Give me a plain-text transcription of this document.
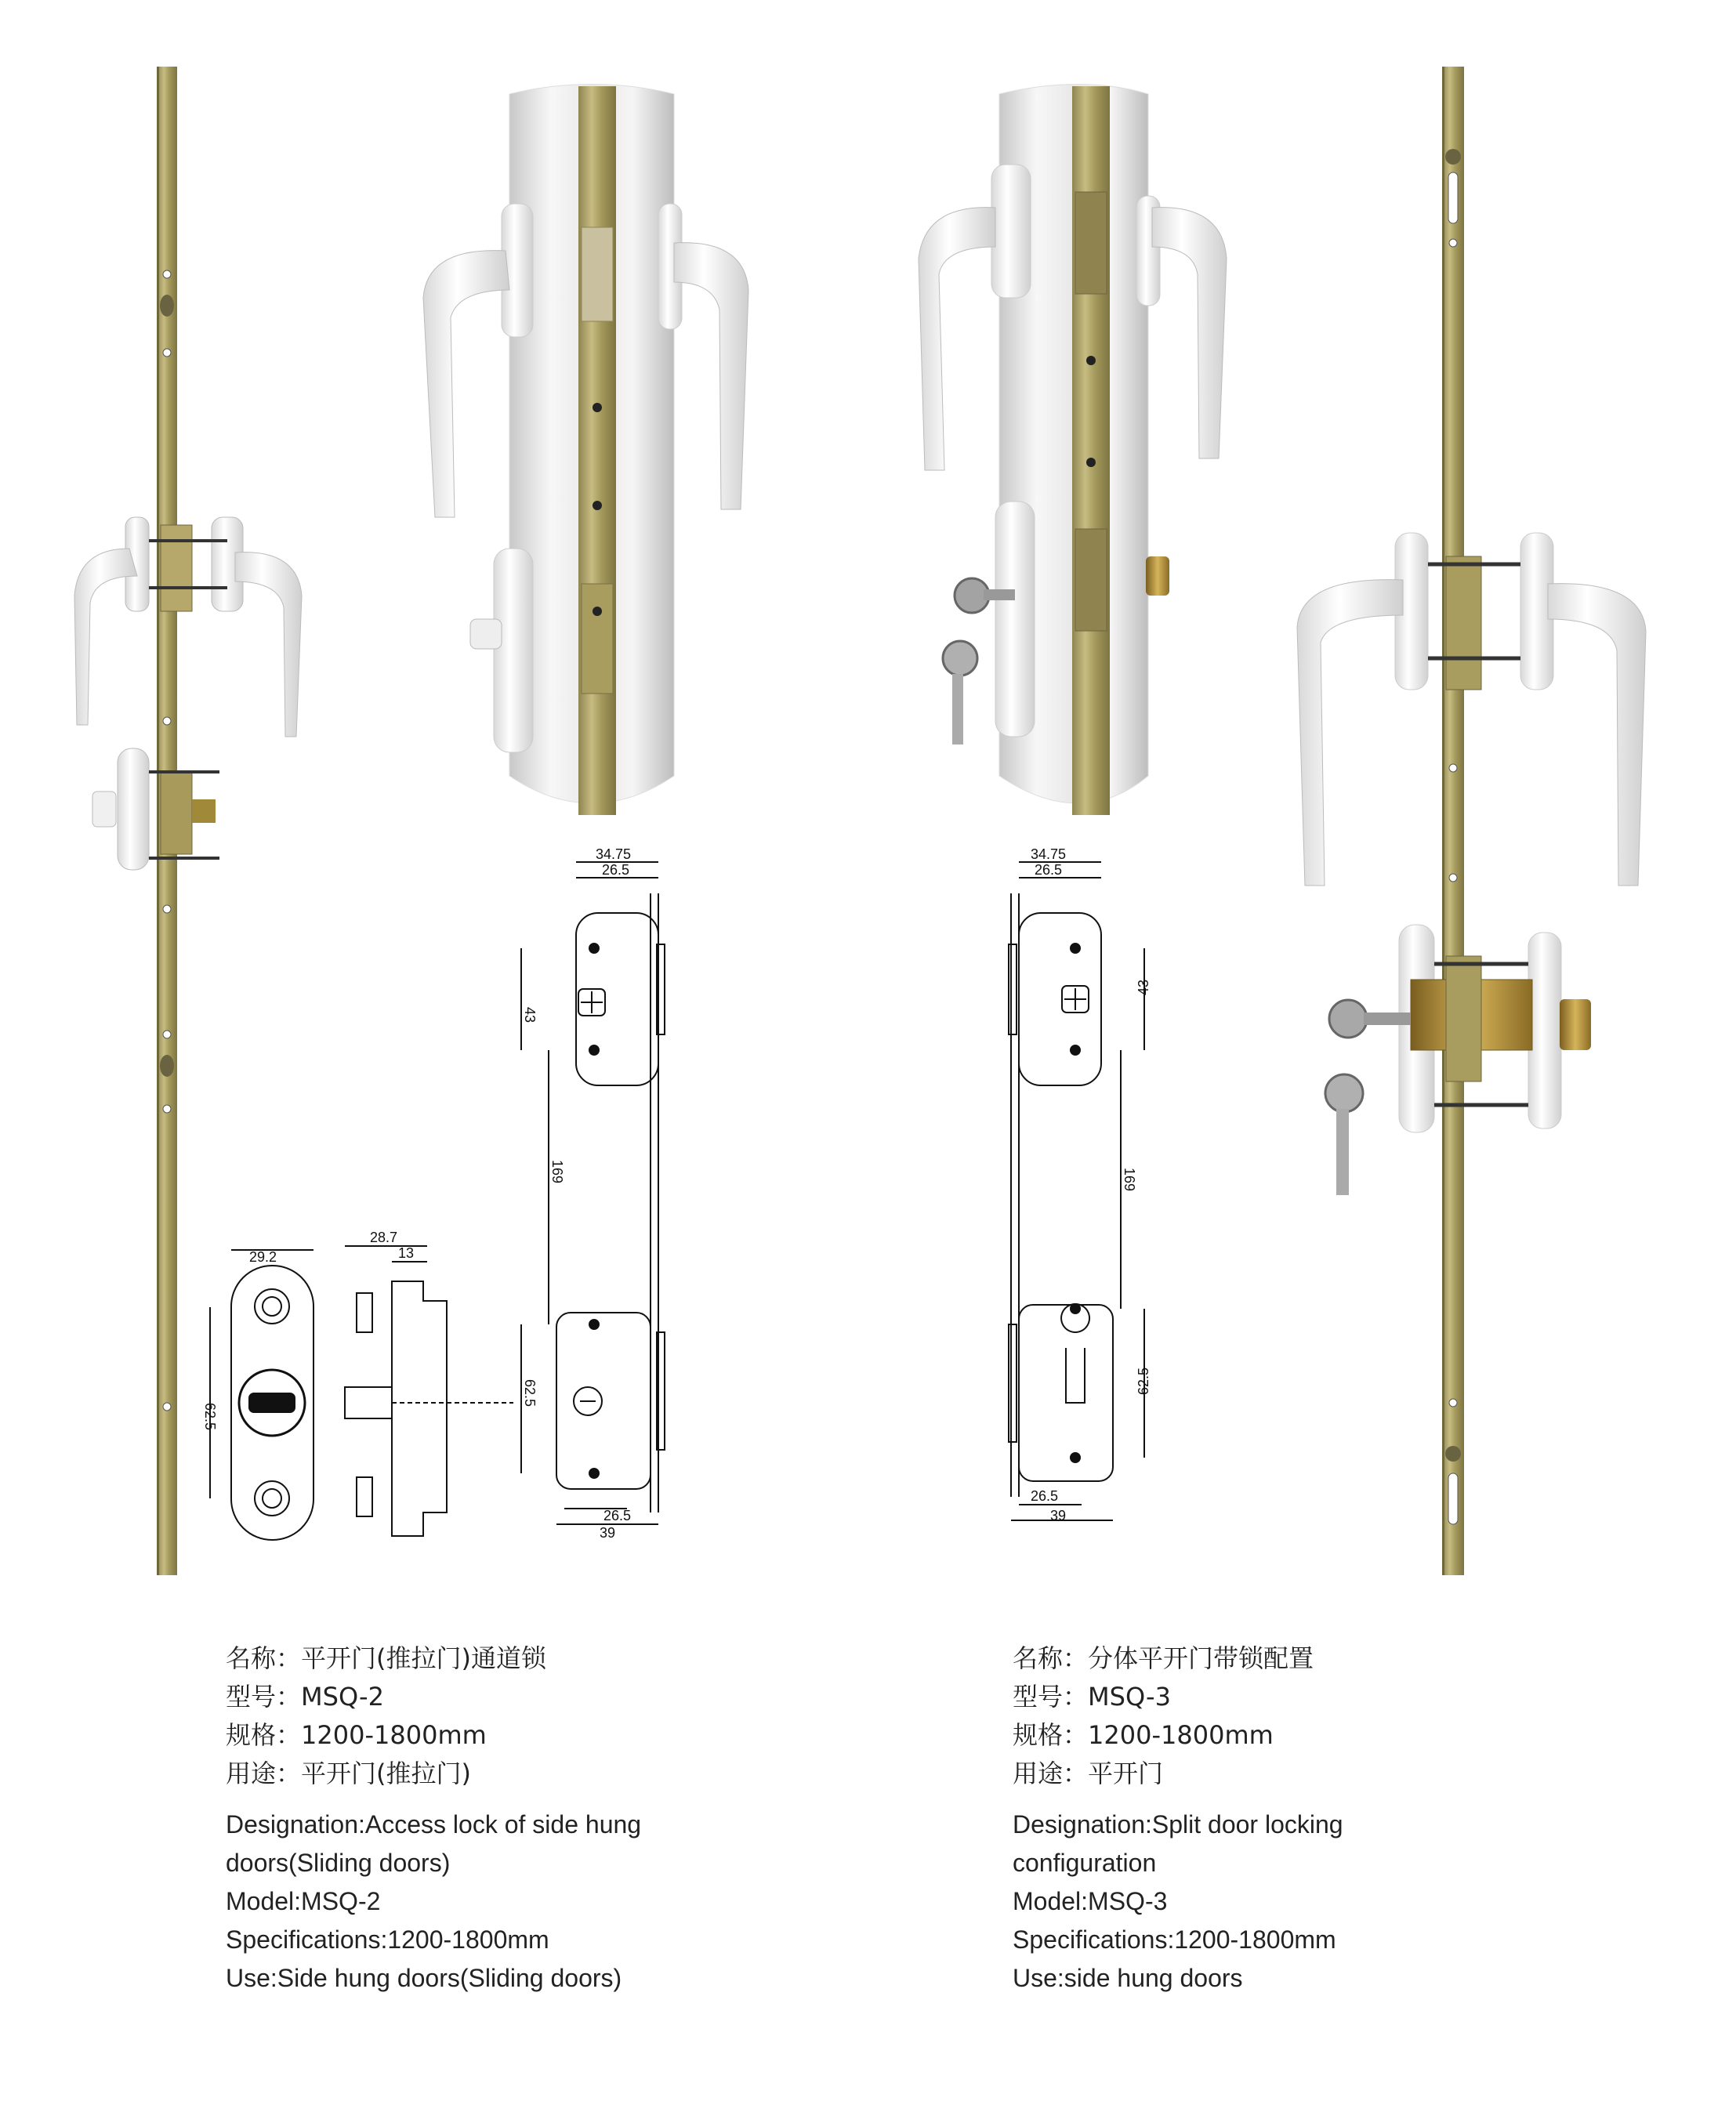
29.2
62.5
28.7
13
34.75
26.5
43
169
62.5
26.5
39
34.75
26.5
43
169
62.5
26.5
39

名称：平开门(推拉门)通道锁

型号：MSQ-2

规格：1200-1800mm

用途：平开门(推拉门)

Designation:Access lock of side hung

doors(Sliding doors)

Model:MSQ-2

Specifications:1200-1800mm

Use:Side hung doors(Sliding doors)

名称：分体平开门带锁配置

型号：MSQ-3

规格：1200-1800mm

用途：平开门

Designation:Split door locking

configuration

Model:MSQ-3

Specifications:1200-1800mm

Use:side hung doors
